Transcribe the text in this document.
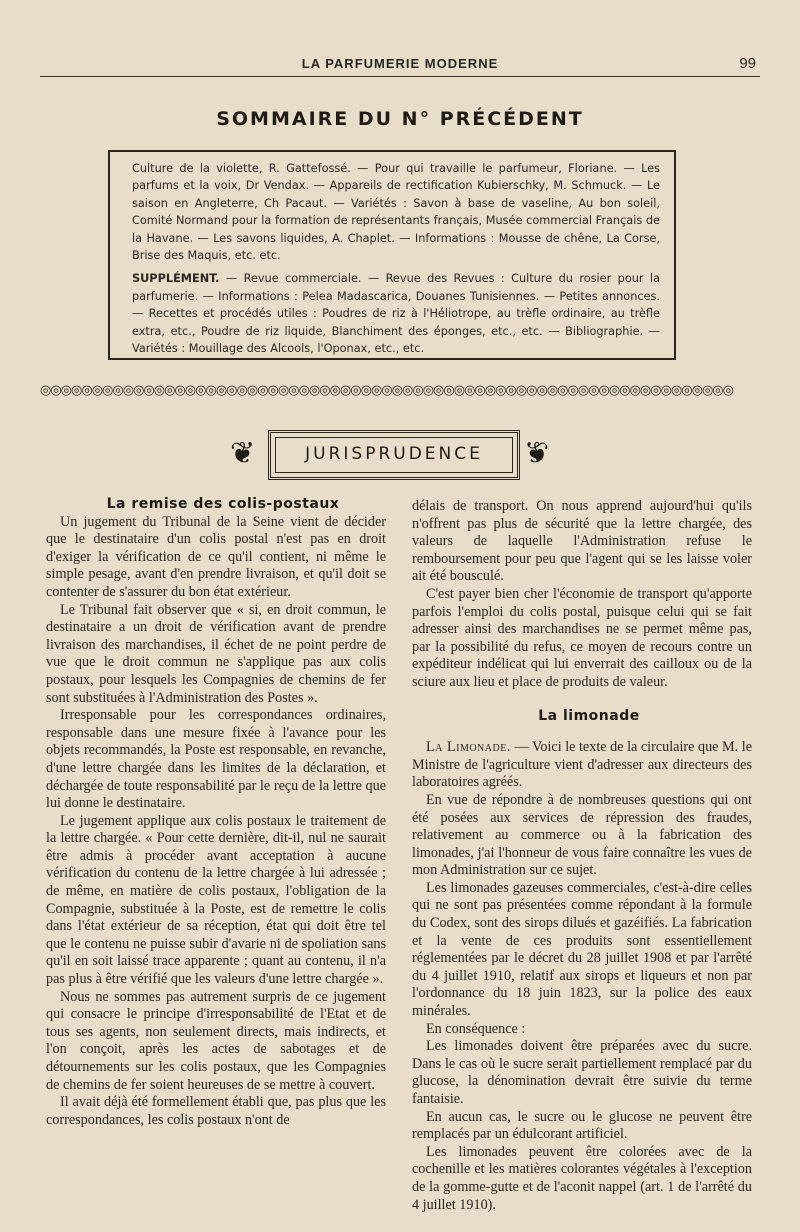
LA PARFUMERIE MODERNE	99
SOMMAIRE DU N° PRÉCÉDENT

Culture de la violette, R. Gattefossé. — Pour qui travaille le parfumeur, Floriane. — Les parfums et la voix, Dr Vendax. — Appareils de rectification Kubierschky, M. Schmuck. — Le saison en Angleterre, Ch Pacaut. — Variétés : Savon à base de vaseline, Au bon soleil, Comité Normand pour la formation de représentants français, Musée commercial Français de la Havane. — Les savons liquides, A. Chaplet. — Informations : Mousse de chêne, La Corse, Brise des Maquis, etc. etc.

SUPPLÉMENT. — Revue commerciale. — Revue des Revues : Culture du rosier pour la parfumerie. — Informations : Pelea Madascarica, Douanes Tunisiennes. — Petites annonces. — Recettes et procédés utiles : Poudres de riz à l'Héliotrope, au trèfle ordinaire, au trèfle extra, etc., Poudre de riz liquide, Blanchiment des éponges, etc., etc. — Bibliographie. — Variétés : Mouillage des Alcools, l'Oponax, etc., etc.

◎◎◎◎◎◎◎◎◎◎◎◎◎◎◎◎◎◎◎◎◎◎◎◎◎◎◎◎◎◎◎◎◎◎◎◎◎◎◎◎◎◎◎◎◎◎◎◎◎◎◎◎◎◎◎◎◎◎◎◎◎◎◎◎◎◎◎
❦	JURISPRUDENCE	❦

La remise des colis-postaux

Un jugement du Tribunal de la Seine vient de décider que le destinataire d'un colis postal n'est pas en droit d'exiger la vérification de ce qu'il contient, ni même le simple pesage, avant d'en prendre livraison, et qu'il doit se contenter de s'assurer du bon état extérieur.

Le Tribunal fait observer que « si, en droit commun, le destinataire a un droit de vérification avant de prendre livraison des marchandises, il échet de ne point perdre de vue que le droit commun ne s'applique pas aux colis postaux, pour lesquels les Compagnies de chemins de fer sont substituées à l'Administration des Postes ».

Irresponsable pour les correspondances ordinaires, responsable dans une mesure fixée à l'avance pour les objets recommandés, la Poste est responsable, en revanche, d'une lettre chargée dans les limites de la déclaration, et déchargée de toute responsabilité par le reçu de la lettre que lui donne le destinataire.

Le jugement applique aux colis postaux le traitement de la lettre chargée. « Pour cette dernière, dit-il, nul ne saurait être admis à procéder avant acceptation à aucune vérification du contenu de la lettre chargée à lui adressée ; de même, en matière de colis postaux, l'obligation de la Compagnie, substituée à la Poste, est de remettre le colis dans l'état extérieur de sa réception, état qui doit être tel que le contenu ne puisse subir d'avarie ni de spoliation sans qu'il en soit laissé trace apparente ; quant au contenu, il n'a pas plus à être vérifié que les valeurs d'une lettre chargée ».

Nous ne sommes pas autrement surpris de ce jugement qui consacre le principe d'irresponsabilité de l'Etat et de tous ses agents, non seulement directs, mais indirects, et l'on conçoit, après les actes de sabotages et de détournements sur les colis postaux, que les Compagnies de chemins de fer soient heureuses de se mettre à couvert.

Il avait déjà été formellement établi que, pas plus que les correspondances, les colis postaux n'ont de

délais de transport. On nous apprend aujourd'hui qu'ils n'offrent pas plus de sécurité que la lettre chargée, des valeurs de laquelle l'Administration refuse le remboursement pour peu que l'agent qui se les laisse voler ait été bousculé.

C'est payer bien cher l'économie de transport qu'apporte parfois l'emploi du colis postal, puisque celui qui se fait adresser ainsi des marchandises ne se permet même pas, par la possibilité du refus, ce moyen de recours contre un expéditeur indélicat qui lui enverrait des cailloux ou de la sciure aux lieu et place de produits de valeur.

La limonade

La Limonade. — Voici le texte de la circulaire que M. le Ministre de l'agriculture vient d'adresser aux directeurs des laboratoires agréés.

En vue de répondre à de nombreuses questions qui ont été posées aux services de répression des fraudes, relativement au commerce ou à la fabrication des limonades, j'ai l'honneur de vous faire connaître les vues de mon Administration sur ce sujet.

Les limonades gazeuses commerciales, c'est-à-dire celles qui ne sont pas présentées comme répondant à la formule du Codex, sont des sirops dilués et gazéifiés. La fabrication et la vente de ces produits sont essentiellement réglementées par le décret du 28 juillet 1908 et par l'arrêté du 4 juillet 1910, relatif aux sirops et liqueurs et non par l'ordonnance du 18 juin 1823, sur la police des eaux minérales.

En conséquence :

Les limonades doivent être préparées avec du sucre. Dans le cas où le sucre serait partiellement remplacé par du glucose, la dénomination devrait être suivie du terme fantaisie.

En aucun cas, le sucre ou le glucose ne peuvent être remplacés par un édulcorant artificiel.

Les limonades peuvent être colorées avec de la cochenille et les matières colorantes végétales à l'exception de la gomme-gutte et de l'aconit nappel (art. 1 de l'arrêté du 4 juillet 1910).
